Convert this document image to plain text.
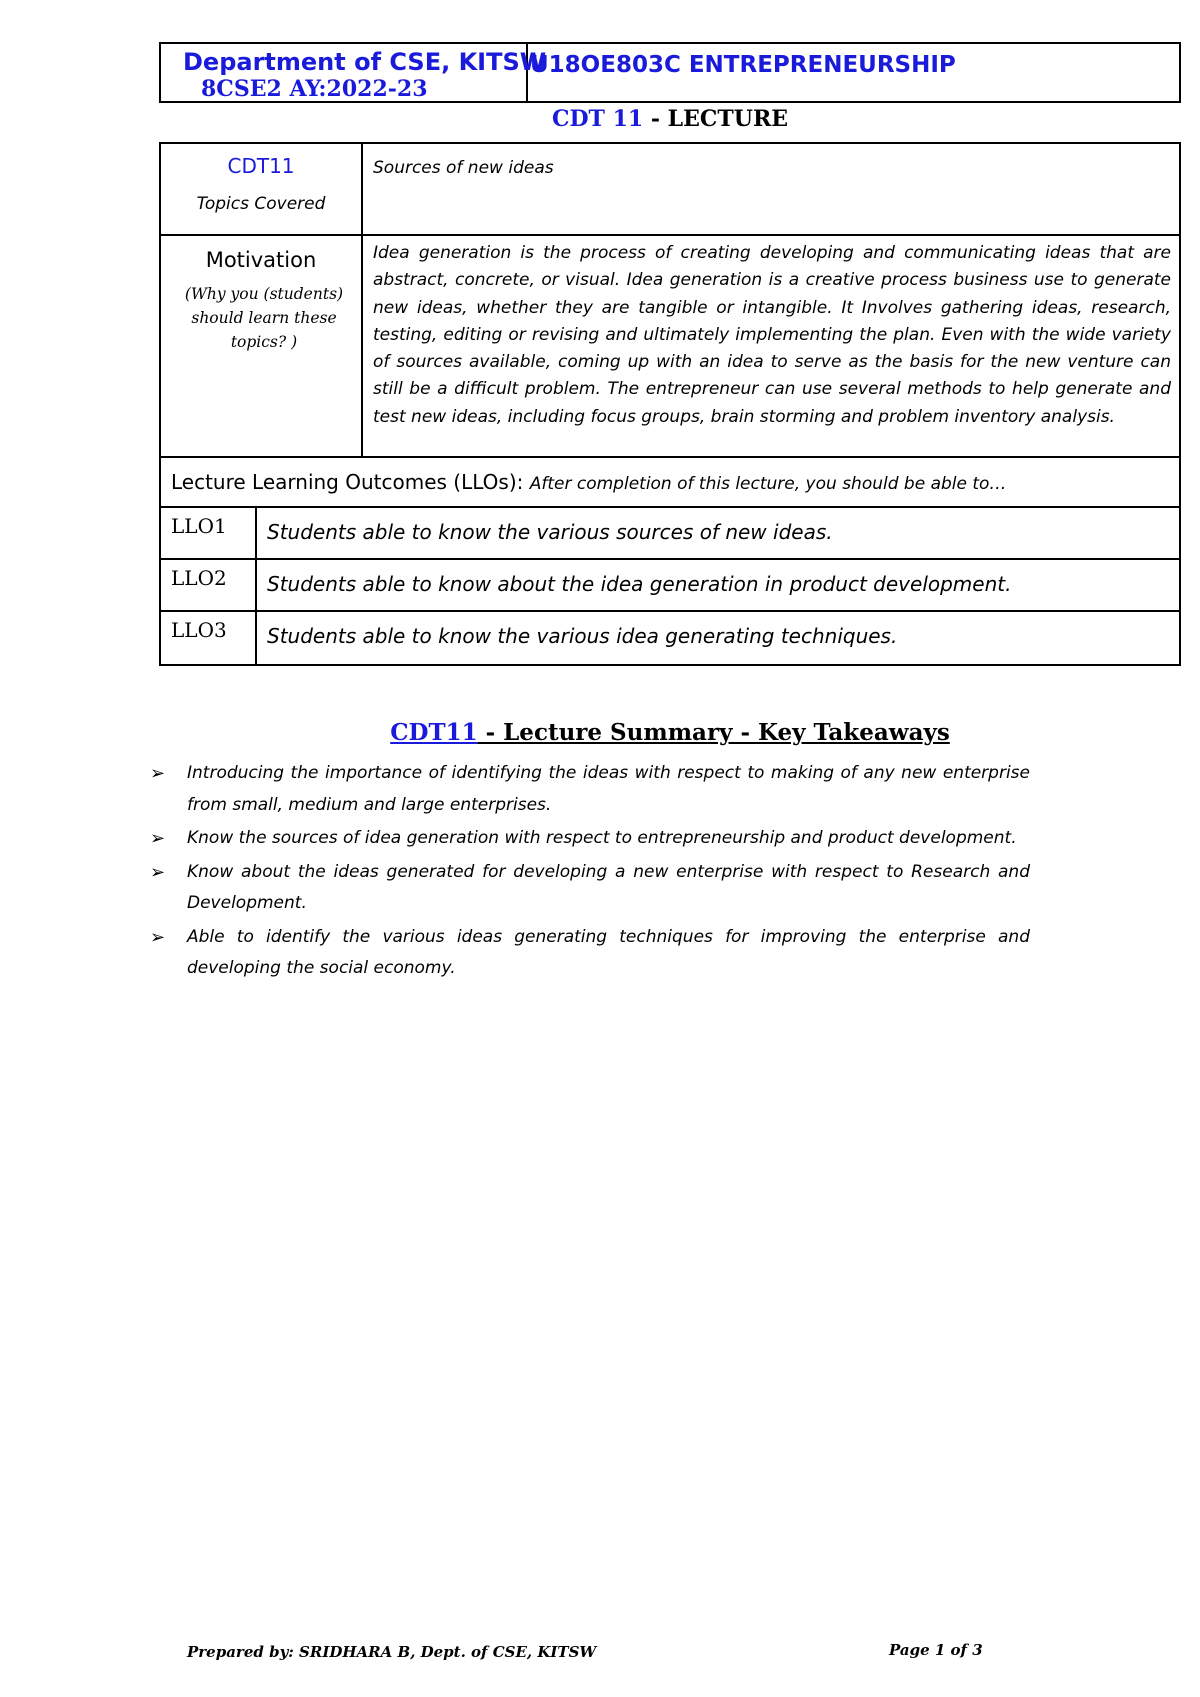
Department of CSE, KITSW
8CSE2 AY:2022-23
U18OE803C ENTREPRENEURSHIP
CDT 11 - LECTURE
CDT11
Topics Covered
Sources of new ideas
Motivation
(Why you (students) should learn these topics? )
Idea generation is the process of creating developing and communicating ideas that are abstract, concrete, or visual. Idea generation is a creative process business use to generate new ideas, whether they are tangible or intangible. It Involves gathering ideas, research, testing, editing or revising and ultimately implementing the plan. Even with the wide variety of sources available, coming up with an idea to serve as the basis for the new venture can still be a difficult problem. The entrepreneur can use several methods to help generate and test new ideas, including focus groups, brain storming and problem inventory analysis.
Lecture Learning Outcomes (LLOs): After completion of this lecture, you should be able to…
LLO1 Students able to know the various sources of new ideas.
LLO2 Students able to know about the idea generation in product development.
LLO3 Students able to know the various idea generating techniques.
CDT11 - Lecture Summary - Key Takeaways
➢ Introducing the importance of identifying the ideas with respect to making of any new enterprise from small, medium and large enterprises.
➢ Know the sources of idea generation with respect to entrepreneurship and product development.
➢ Know about the ideas generated for developing a new enterprise with respect to Research and Development.
➢ Able to identify the various ideas generating techniques for improving the enterprise and developing the social economy.
Prepared by: SRIDHARA B, Dept. of CSE, KITSW	Page 1 of 3
